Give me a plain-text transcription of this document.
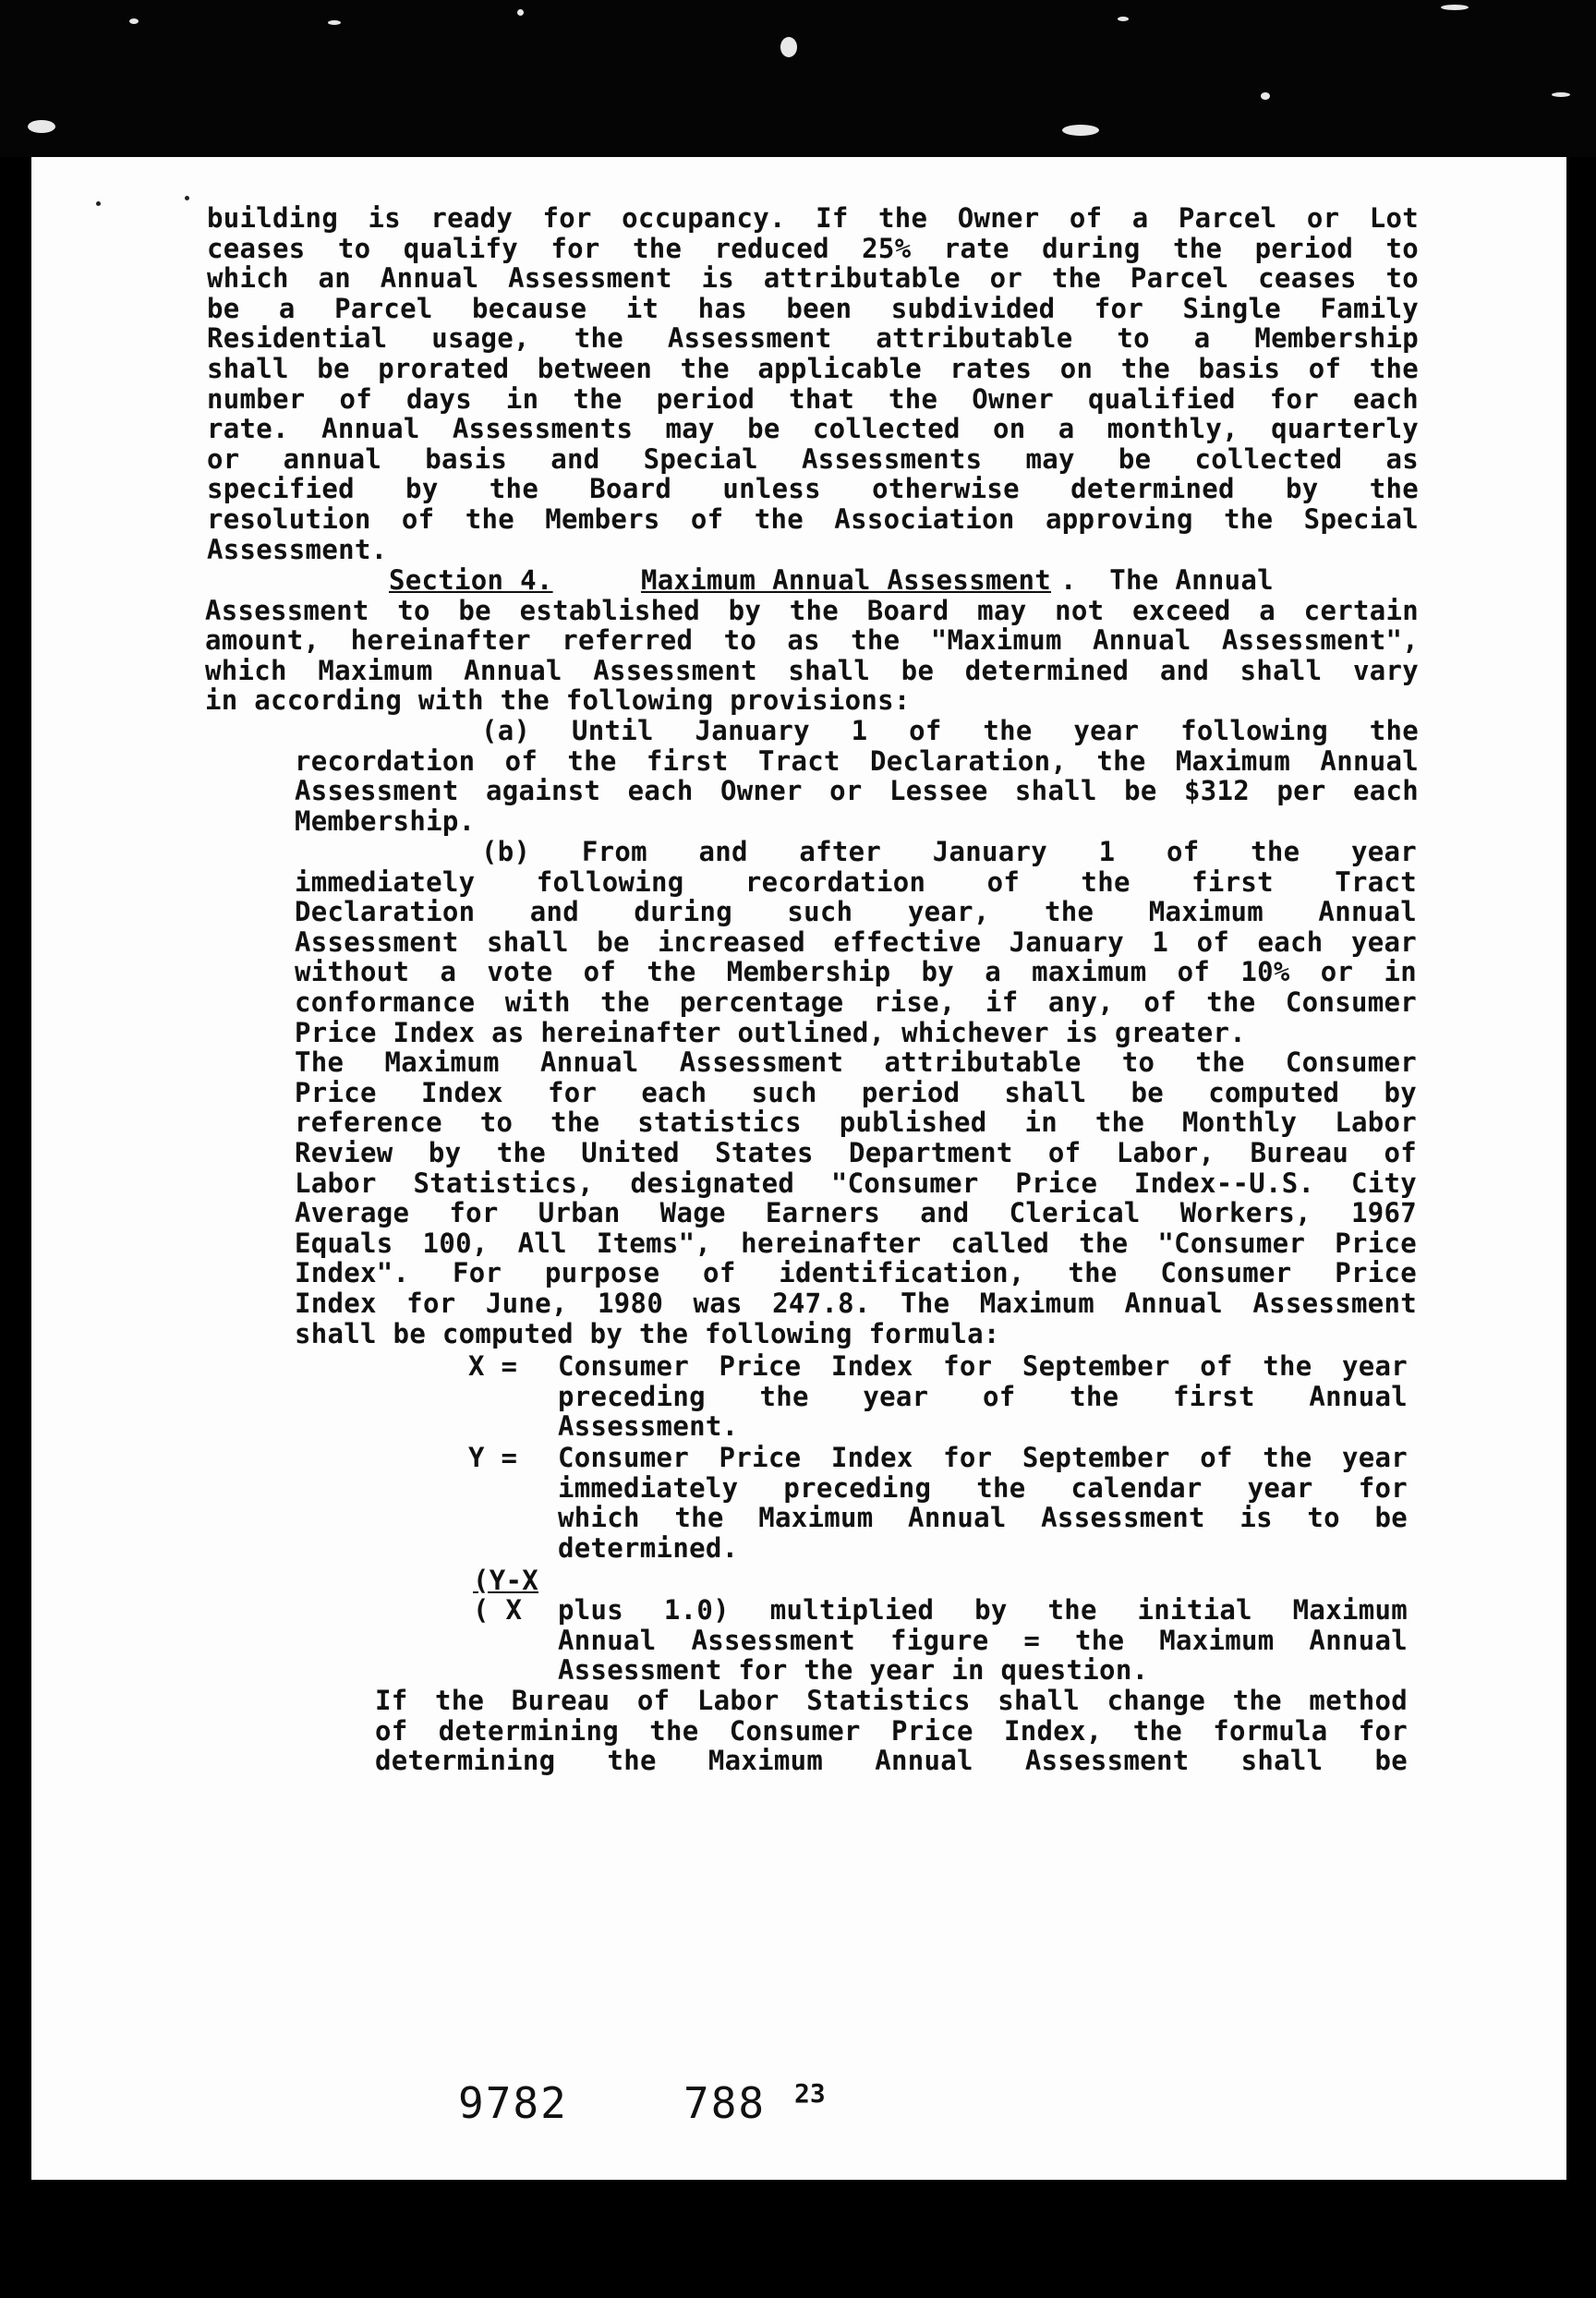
building is ready for occupancy. If the Owner of a Parcel or Lot
ceases to qualify for the reduced 25% rate during the period to
which an Annual Assessment is attributable or the Parcel ceases to
be a Parcel because it has been subdivided for Single Family
Residential usage, the Assessment attributable to a Membership
shall be prorated between the applicable rates on the basis of the
number of days in the period that the Owner qualified for each
rate. Annual Assessments may be collected on a monthly, quarterly
or annual basis and Special Assessments may be collected as
specified by the Board unless otherwise determined by the
resolution of the Members of the Association approving the Special
Assessment.
Section 4.	Maximum Annual Assessment .  The Annual
Assessment to be established by the Board may not exceed a certain
amount, hereinafter referred to as the "Maximum Annual Assessment",
which Maximum Annual Assessment shall be determined and shall vary
in according with the following provisions:
(a) Until January 1 of the year following the
recordation of the first Tract Declaration, the Maximum Annual
Assessment against each Owner or Lessee shall be $312 per each
Membership.
(b) From and after January 1 of the year
immediately following recordation of the first Tract
Declaration and during such year, the Maximum Annual
Assessment shall be increased effective January 1 of each year
without a vote of the Membership by a maximum of 10% or in
conformance with the percentage rise, if any, of the Consumer
Price Index as hereinafter outlined, whichever is greater.
The Maximum Annual Assessment attributable to the Consumer
Price Index for each such period shall be computed by
reference to the statistics published in the Monthly Labor
Review by the United States Department of Labor, Bureau of
Labor Statistics, designated "Consumer Price Index--U.S. City
Average for Urban Wage Earners and Clerical Workers, 1967
Equals 100, All Items", hereinafter called the "Consumer Price
Index". For purpose of identification, the Consumer Price
Index for June, 1980 was 247.8. The Maximum Annual Assessment
shall be computed by the following formula:
X = Consumer Price Index for September of the year
preceding the year of the first Annual
Assessment.
Y = Consumer Price Index for September of the year
immediately preceding the calendar year for
which the Maximum Annual Assessment is to be
determined.
(Y-X
( X plus 1.0) multiplied by the initial Maximum
Annual Assessment figure = the Maximum Annual
Assessment for the year in question.
If the Bureau of Labor Statistics shall change the method
of determining the Consumer Price Index, the formula for
determining the Maximum Annual Assessment shall be
23
9782	788
